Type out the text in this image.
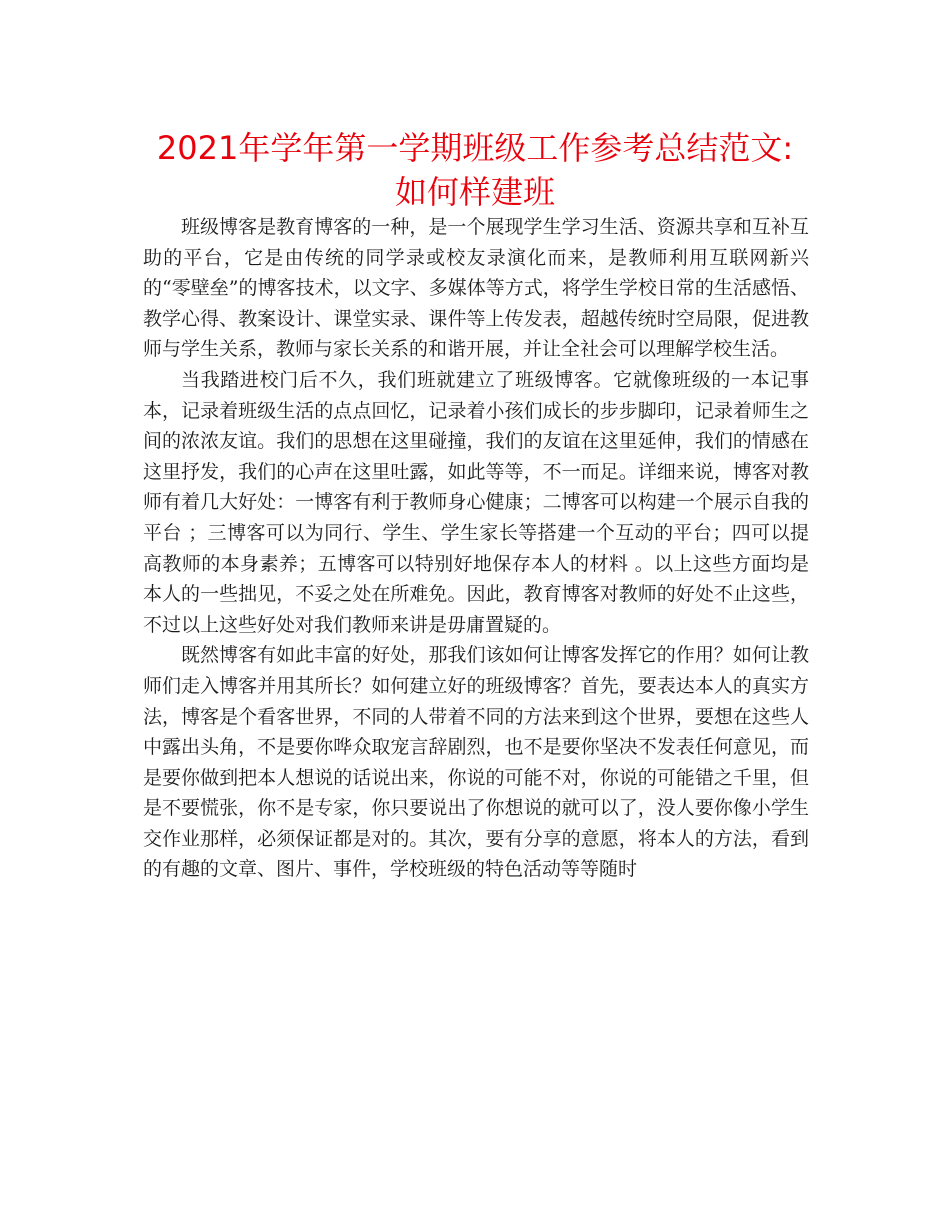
2021年学年第一学期班级工作参考总结范文:
如何样建班

班级博客是教育博客的一种，是一个展现学生学习生活、资源共享和互补互助的平台，它是由传统的同学录或校友录演化而来，是教师利用互联网新兴的“零壁垒”的博客技术，以文字、多媒体等方式，将学生学校日常的生活感悟、教学心得、教案设计、课堂实录、课件等上传发表，超越传统时空局限，促进教师与学生关系，教师与家长关系的和谐开展，并让全社会可以理解学校生活。

当我踏进校门后不久，我们班就建立了班级博客。它就像班级的一本记事本，记录着班级生活的点点回忆，记录着小孩们成长的步步脚印，记录着师生之间的浓浓友谊。我们的思想在这里碰撞，我们的友谊在这里延伸，我们的情感在这里抒发，我们的心声在这里吐露，如此等等，不一而足。详细来说，博客对教师有着几大好处：一博客有利于教师身心健康；二博客可以构建一个展示自我的平台 ；三博客可以为同行、学生、学生家长等搭建一个互动的平台；四可以提高教师的本身素养；五博客可以特别好地保存本人的材料 。以上这些方面均是本人的一些拙见，不妥之处在所难免。因此，教育博客对教师的好处不止这些，不过以上这些好处对我们教师来讲是毋庸置疑的。

既然博客有如此丰富的好处，那我们该如何让博客发挥它的作用？如何让教师们走入博客并用其所长？如何建立好的班级博客？首先，要表达本人的真实方法，博客是个看客世界，不同的人带着不同的方法来到这个世界，要想在这些人中露出头角，不是要你哗众取宠言辞剧烈，也不是要你坚决不发表任何意见，而是要你做到把本人想说的话说出来，你说的可能不对，你说的可能错之千里，但是不要慌张，你不是专家，你只要说出了你想说的就可以了，没人要你像小学生交作业那样，必须保证都是对的。其次，要有分享的意愿，将本人的方法，看到的有趣的文章、图片、事件，学校班级的特色活动等等随时
